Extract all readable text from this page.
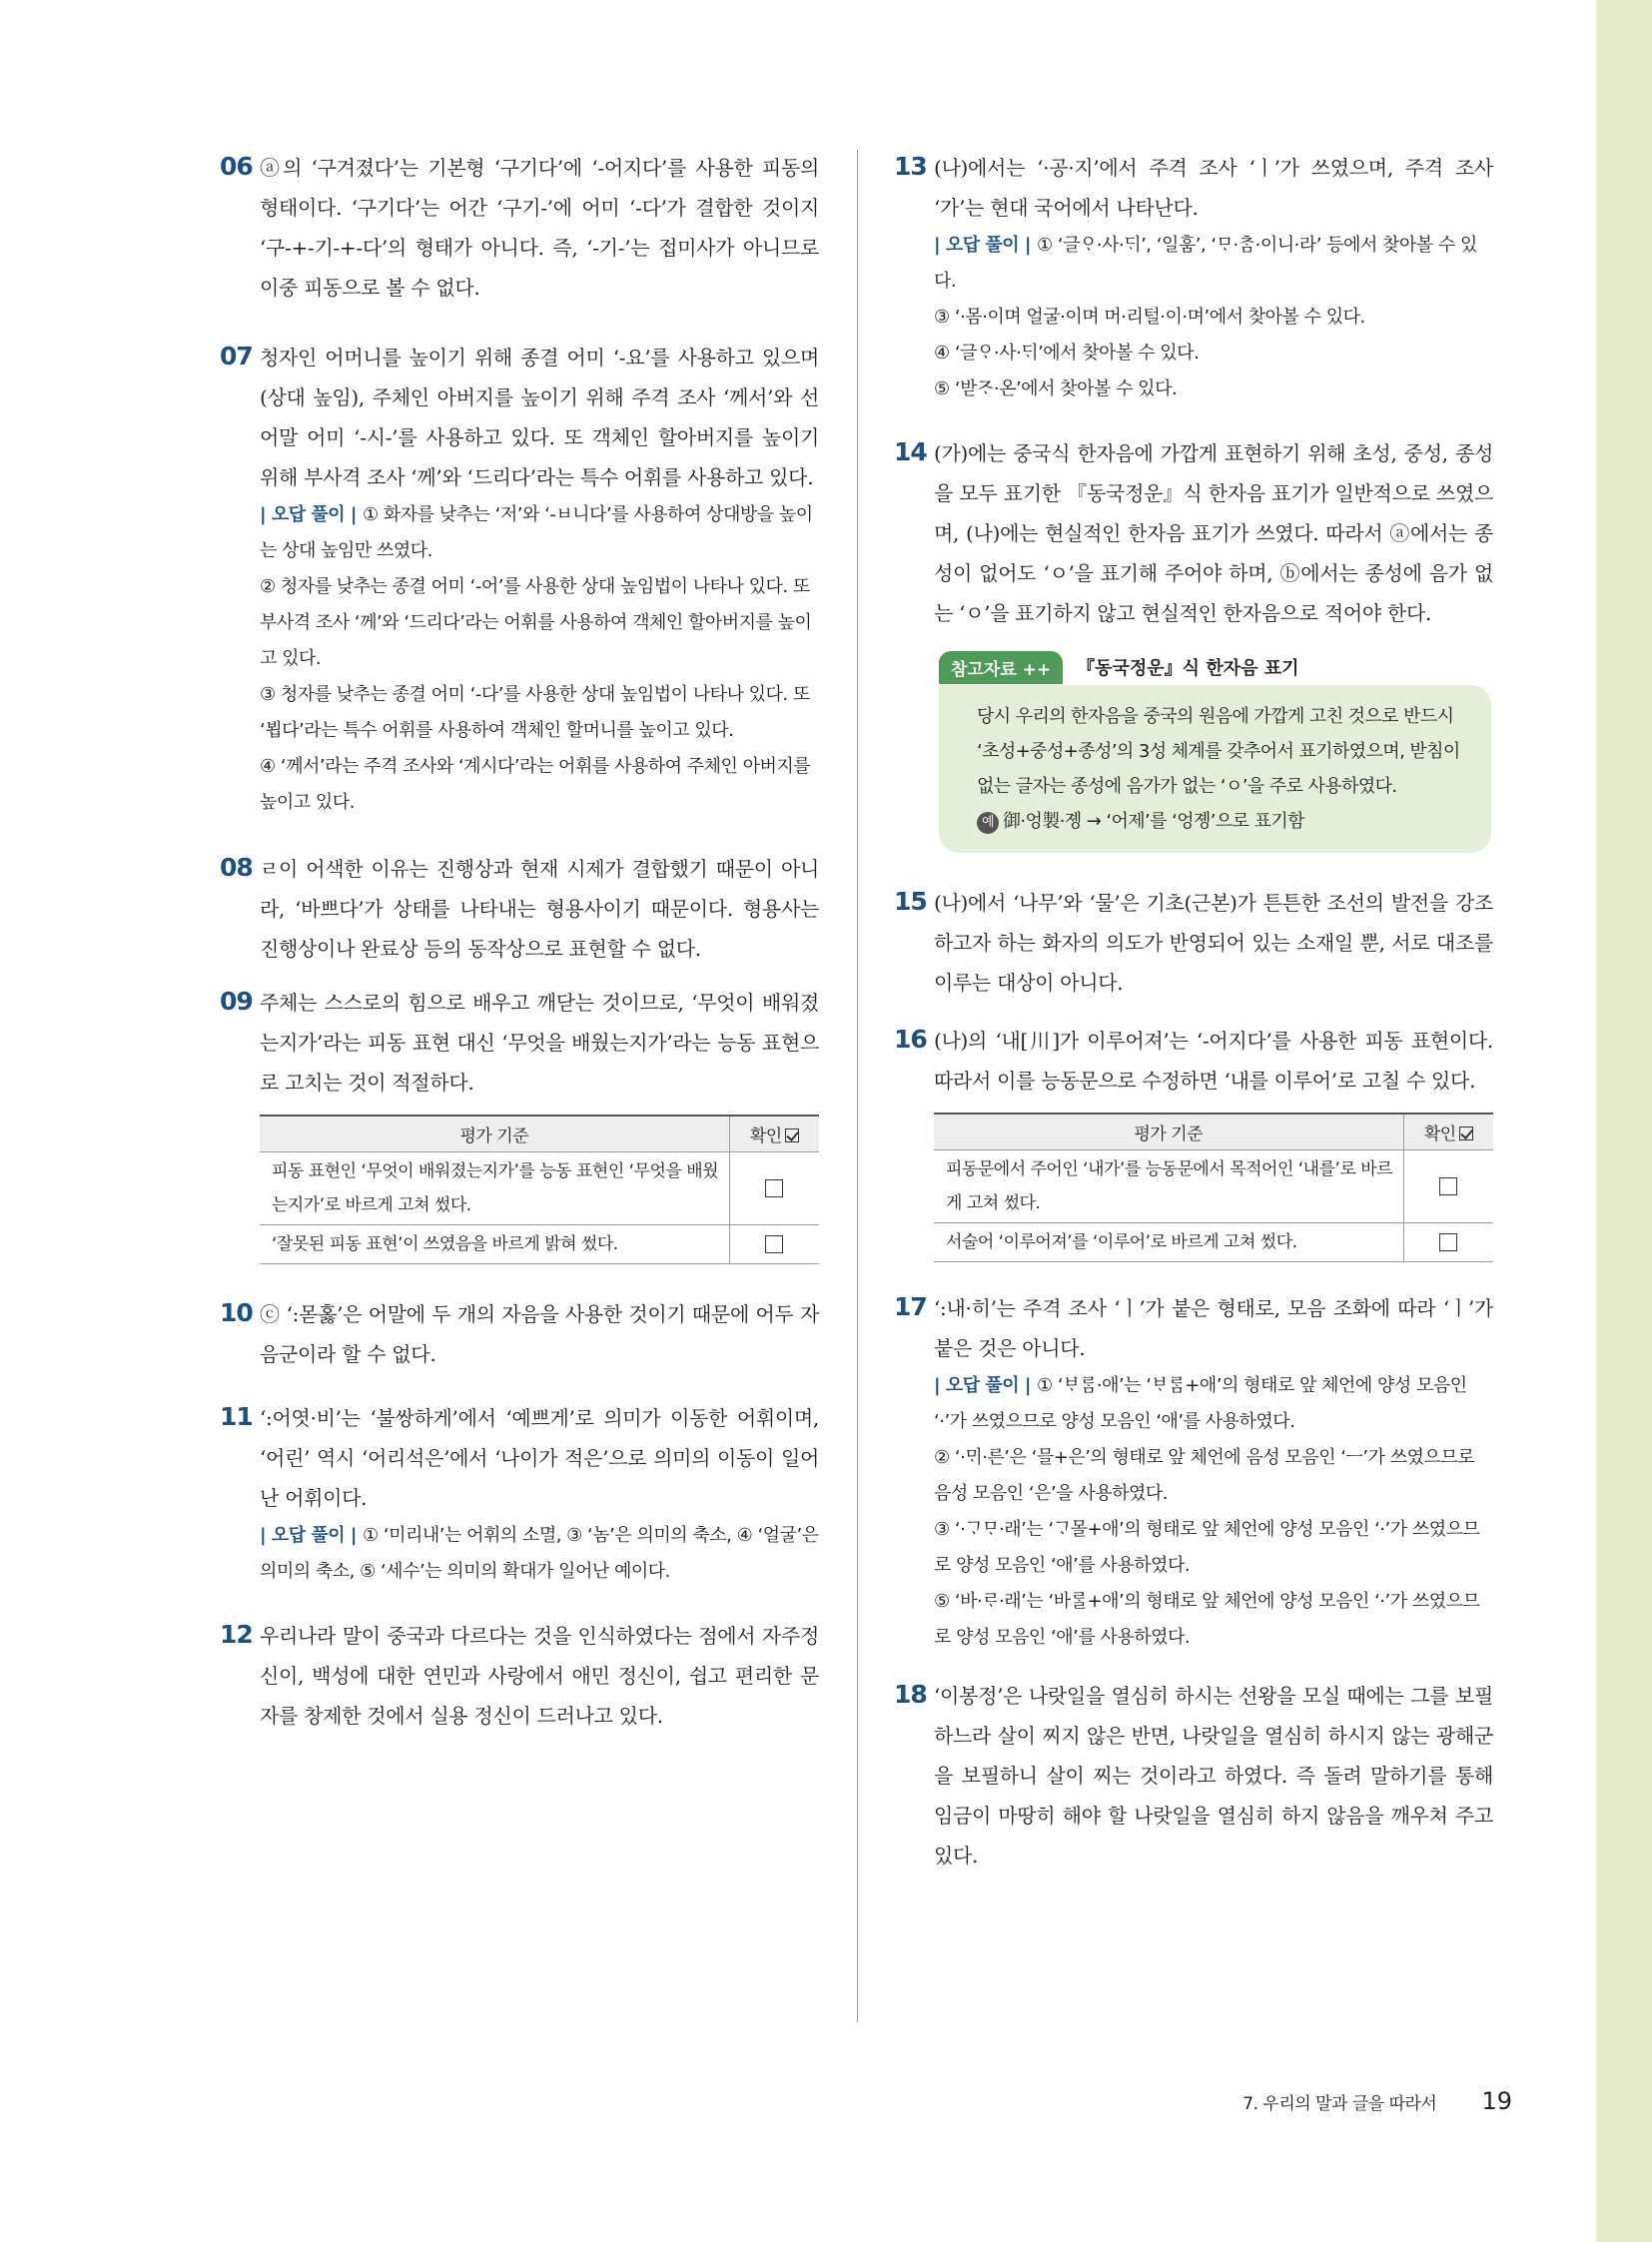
06 ⓐ의 ‘구겨졌다’는 기본형 ‘구기다’에 ‘-어지다’를 사용한 피동의 형태이다. ‘구기다’는 어간 ‘구기-’에 어미 ‘-다’가 결합한 것이지 ‘구-+-기-+-다’의 형태가 아니다. 즉, ‘-기-’는 접미사가 아니므로 이중 피동으로 볼 수 없다.

07 청자인 어머니를 높이기 위해 종결 어미 ‘-요’를 사용하고 있으며(상대 높임), 주체인 아버지를 높이기 위해 주격 조사 ‘께서’와 선어말 어미 ‘-시-’를 사용하고 있다. 또 객체인 할아버지를 높이기 위해 부사격 조사 ‘께’와 ‘드리다’라는 특수 어휘를 사용하고 있다.

| 오답 풀이 | ① 화자를 낮추는 ‘저’와 ‘-ㅂ니다’를 사용하여 상대방을 높이는 상대 높임만 쓰였다.

② 청자를 낮추는 종결 어미 ‘-어’를 사용한 상대 높임법이 나타나 있다. 또 부사격 조사 ‘께’와 ‘드리다’라는 어휘를 사용하여 객체인 할아버지를 높이고 있다.

③ 청자를 낮추는 종결 어미 ‘-다’를 사용한 상대 높임법이 나타나 있다. 또 ‘뵙다’라는 특수 어휘를 사용하여 객체인 할머니를 높이고 있다.

④ ‘께서’라는 주격 조사와 ‘계시다’라는 어휘를 사용하여 주체인 아버지를 높이고 있다.

08 ㄹ이 어색한 이유는 진행상과 현재 시제가 결합했기 때문이 아니라, ‘바쁘다’가 상태를 나타내는 형용사이기 때문이다. 형용사는 진행상이나 완료상 등의 동작상으로 표현할 수 없다.

09 주체는 스스로의 힘으로 배우고 깨닫는 것이므로, ‘무엇이 배워졌는지가’라는 피동 표현 대신 ‘무엇을 배웠는지가’라는 능동 표현으로 고치는 것이 적절하다.

평가 기준	확인
피동 표현인 ‘무엇이 배워졌는지가’를 능동 표현인 ‘무엇을 배웠는지가’로 바르게 고쳐 썼다.	
‘잘못된 피동 표현’이 쓰였음을 바르게 밝혀 썼다.	
10 ⓒ ‘:몯홇’은 어말에 두 개의 자음을 사용한 것이기 때문에 어두 자음군이라 할 수 없다.

11 ‘:어엿·비’는 ‘불쌍하게’에서 ‘예쁘게’로 의미가 이동한 어휘이며, ‘어린’ 역시 ‘어리석은’에서 ‘나이가 적은’으로 의미의 이동이 일어난 어휘이다.

| 오답 풀이 | ① ‘미리내’는 어휘의 소멸, ③ ‘놈’은 의미의 축소, ④ ‘얼굴’은 의미의 축소, ⑤ ‘세수’는 의미의 확대가 일어난 예이다.

12 우리나라 말이 중국과 다르다는 것을 인식하였다는 점에서 자주정신이, 백성에 대한 연민과 사랑에서 애민 정신이, 쉽고 편리한 문자를 창제한 것에서 실용 정신이 드러나고 있다.

13 (나)에서는 ‘·공·지’에서 주격 조사 ‘ㅣ’가 쓰였으며, 주격 조사 ‘가’는 현대 국어에서 나타난다.

| 오답 풀이 | ① ‘글ᄋᆞ·사·ᄃᆡ’, ‘일훔’, ‘ᄆᆞ·ᄎᆞᆷ·이니·라’ 등에서 찾아볼 수 있다.

③ ‘·몸·이며 얼굴·이며 머·리털·이·며’에서 찾아볼 수 있다.

④ ‘글ᄋᆞ·사·ᄃᆡ’에서 찾아볼 수 있다.

⑤ ‘받ᄌᆞ·온’에서 찾아볼 수 있다.

14 (가)에는 중국식 한자음에 가깝게 표현하기 위해 초성, 중성, 종성을 모두 표기한 『동국정운』식 한자음 표기가 일반적으로 쓰였으며, (나)에는 현실적인 한자음 표기가 쓰였다. 따라서 ⓐ에서는 종성이 없어도 ‘ㅇ’을 표기해 주어야 하며, ⓑ에서는 종성에 음가 없는 ‘ㅇ’을 표기하지 않고 현실적인 한자음으로 적어야 한다.

참고자료 ++	『동국정운』식 한자음 표기

당시 우리의 한자음을 중국의 원음에 가깝게 고친 것으로 반드시 ‘초성+중성+종성’의 3성 체계를 갖추어서 표기하였으며, 받침이 없는 글자는 종성에 음가가 없는 ‘ㅇ’을 주로 사용하였다.

예 御·엉製·졩 → ‘어제’를 ‘엉졩’으로 표기함

15 (나)에서 ‘나무’와 ‘물’은 기초(근본)가 튼튼한 조선의 발전을 강조하고자 하는 화자의 의도가 반영되어 있는 소재일 뿐, 서로 대조를 이루는 대상이 아니다.

16 (나)의 ‘내[川]가 이루어져’는 ‘-어지다’를 사용한 피동 표현이다. 따라서 이를 능동문으로 수정하면 ‘내를 이루어’로 고칠 수 있다.

평가 기준	확인
피동문에서 주어인 ‘내가’를 능동문에서 목적어인 ‘내를’로 바르게 고쳐 썼다.	
서술어 ‘이루어져’를 ‘이루어’로 바르게 고쳐 썼다.	
17 ‘:내·히’는 주격 조사 ‘ㅣ’가 붙은 형태로, 모음 조화에 따라 ‘ㅣ’가 붙은 것은 아니다.

| 오답 풀이 | ① ‘ᄇᆞᄅᆞᆷ·애’는 ‘ᄇᆞᄅᆞᆷ+애’의 형태로 앞 체언에 양성 모음인 ‘·’가 쓰였으므로 양성 모음인 ‘애’를 사용하였다.

② ‘·ᄆᆡ·른’은 ‘믈+은’의 형태로 앞 체언에 음성 모음인 ‘ㅡ’가 쓰였으므로 음성 모음인 ‘은’을 사용하였다.

③ ‘·ᄀᆞᄆᆞ·래’는 ‘ᄀᆞ몰+애’의 형태로 앞 체언에 양성 모음인 ‘·’가 쓰였으므로 양성 모음인 ‘애’를 사용하였다.

⑤ ‘바·ᄅᆞ·래’는 ‘바ᄅᆞᆯ+애’의 형태로 앞 체언에 양성 모음인 ‘·’가 쓰였으므로 양성 모음인 ‘애’를 사용하였다.

18 ‘이봉정’은 나랏일을 열심히 하시는 선왕을 모실 때에는 그를 보필하느라 살이 찌지 않은 반면, 나랏일을 열심히 하시지 않는 광해군을 보필하니 살이 찌는 것이라고 하였다. 즉 돌려 말하기를 통해 임금이 마땅히 해야 할 나랏일을 열심히 하지 않음을 깨우쳐 주고 있다.

7. 우리의 말과 글을 따라서 19
